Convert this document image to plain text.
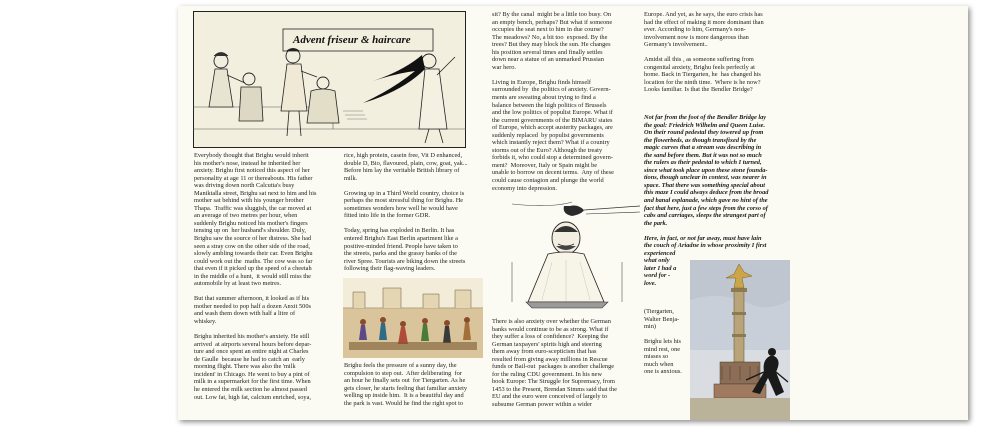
Advent friseur & haircare
Everybody thought that Brighu would inherit
his mother's nose, instead he inherited her
anxiety. Brighu first noticed this aspect of her
personality at age 11 or thereabouts. His father
was driving down north Calcutta's busy
Maniktalla street, Brighu sat next to him and his
mother sat behind with his younger brother
Thapa.  Traffic was sluggish, the car moved at
an average of two metres per hour, when
suddenly Brighu noticed his mother's fingers
tensing up on  her husband's shoulder. Duly,
Brighu saw the source of her distress. She had
seen a stray cow on the other side of the road,
slowly ambling towards their car. Even Brighu
could work out the  maths. The cow was so far
that even if it picked up the speed of a cheetah
in the middle of a hunt,  it would still miss the
automobile by at least two metres.

But that summer afternoon, it looked as if his
mother needed to pop half a dozen Anxit 500s
and wash them down with half a litre of
whiskey.

Brighu inherited his mother's anxiety. He still
arrived  at airports several hours before depar-
ture and once spent an entire night at Charles
de Gaulle  because he had to catch an  early
morning flight. There was also the 'milk
incident' in Chicago. He went to buy a pint of
milk in a supermarket for the first time. When
he entered the milk section he almost passed
out. Low fat, high fat, calcium enriched, soya,
rice, high protein, casein free, Vit D enhanced,
double D, Bio, flavoured, plain, cow, goat, yak...
Before him lay the veritable British library of
milk.

Growing up in a Third World country, choice is
perhaps the most stressful thing for Brighu. He
sometimes wonders how well he would have
fitted into life in the former GDR.

Today, spring has exploded in Berlin. It has
entered Brighu's East Berlin apartment like a
positive-minded friend. People have taken to
the streets, parks and the grassy banks of the
river Spree. Tourists are biking down the streets
following their flag-waving leaders.
Brighu feels the pressure of a sunny day, the
compulsion to step out.  After deliberating  for
an hour he finally sets out  for Tiergarten. As he
gets closer, he starts feeling that familiar anxiety
welling up inside him.  It is a beautiful day and
the park is vast. Would he find the right spot to
sit? By the canal  might be a little too busy. On
an empty bench, perhaps? But what if someone
occupies the seat next to him in due course?
The meadows? No, a bit too  exposed. By the
trees? But they may block the sun. He changes
his position several times and finally settles
down near a statue of an unmarked Prussian
war hero.

Living in Europe, Brighu finds himself
surrounded by  the politics of anxiety. Govern-
ments are sweating about trying to find a
balance between the high politics of Brussels
and the low politics of populist Europe. What if
the current governments of the BIMARU states
of Europe, which accept austerity packages, are
suddenly replaced  by populist governments
which instantly reject them? What if a country
storms out of the Euro? Although the treaty
forbids it, who could stop a determined govern-
ment?  Moreover, Italy or Spain might be
unable to borrow on decent terms.  Any of these
could cause contagion and plunge the world
economy into depression.
There is also anxiety over whether the German
banks would continue to be as strong. What if
they suffer a loss of confidence?  Keeping the
German taxpayers' spirits high and steering
them away from euro-scepticism that has
resulted from giving away millions in Rescue
funds or Bail-out  packages is another challenge
for the ruling CDU government. In his new
book Europe: The Struggle for Supremacy, from
1453 to the Present, Brendan Simms said that the
EU and the euro were conceived of largely to
subsume German power within a wider
Europe. And yet, as he says, the euro crisis has
had the effect of making it more dominant than
ever. According to him, Germany's non-
involvement now is more dangerous than
Germany's involvement..

Amidst all this , as someone suffering from
congenital anxiety, Brighu feels perfectly at
home. Back in Tiergarten, he  has changed his
location for the ninth time.  Where is he now?
Looks familiar. Is that the Bendler Bridge?
Not far from the foot of the Bendler Bridge lay
the goal: Friedrich Wilhelm and Queen Luise.
On their round pedestal they towered up from
the flowerbeds, as though transfixed by the
magic curves that a stream was describing in
the sand before them. But it was not so much
the rulers as their pedestal to which I turned,
since what took place upon these stone founda-
tions, though unclear in context, was nearer in
space. That there was something special about
this maze I could always deduce from the broad
and banal esplanade, which gave no hint of the
fact that here, just a few steps from the corso of
cabs and carriages, sleeps the strangest part of
the park.

Here, in fact, or not far away, must have lain
the couch of Ariadne in whose proximity I first
experienced
what only
later I had a
word for -
love.
(Tiergarten,
Walter Benja-
min)

Brighu lets his
mind rest, one
misses so
much when
one is anxious.
